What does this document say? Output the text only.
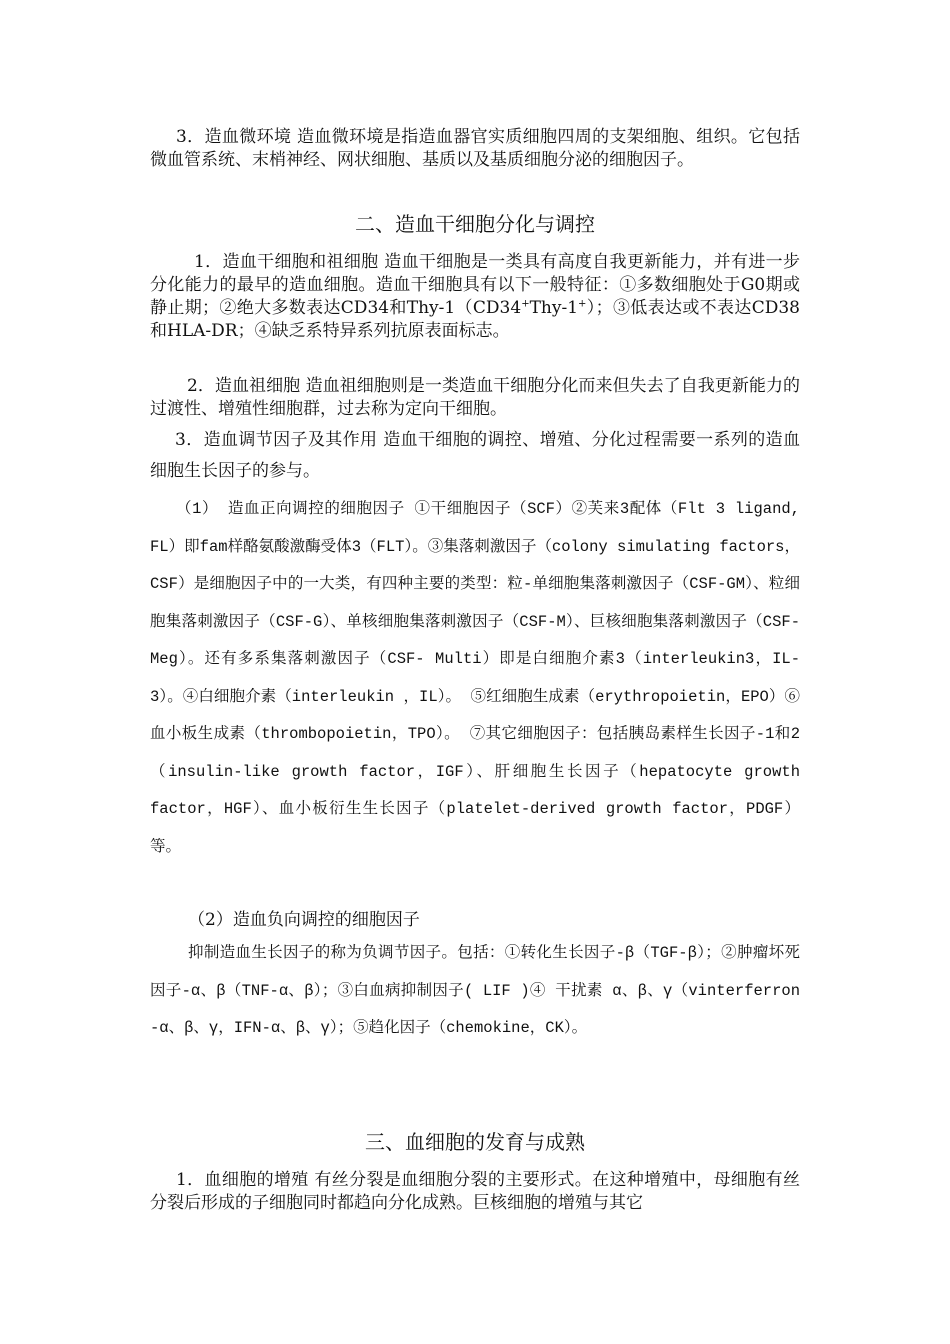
3．造血微环境 造血微环境是指造血器官实质细胞四周的支架细胞、组织。它包括微血管系统、末梢神经、网状细胞、基质以及基质细胞分泌的细胞因子。

二、造血干细胞分化与调控

1．造血干细胞和祖细胞 造血干细胞是一类具有高度自我更新能力，并有进一步分化能力的最早的造血细胞。造血干细胞具有以下一般特征：①多数细胞处于G0期或静止期；②绝大多数表达CD34和Thy-1（CD34+Thy-1+）；③低表达或不表达CD38和HLA-DR；④缺乏系特异系列抗原表面标志。

2．造血祖细胞 造血祖细胞则是一类造血干细胞分化而来但失去了自我更新能力的过渡性、增殖性细胞群，过去称为定向干细胞。

3．造血调节因子及其作用 造血干细胞的调控、增殖、分化过程需要一系列的造血细胞生长因子的参与。

（1） 造血正向调控的细胞因子 ①干细胞因子（SCF）②芙来3配体（Flt 3 ligand, FL）即fam样酪氨酸激酶受体3（FLT）。③集落刺激因子（colony simulating factors，CSF）是细胞因子中的一大类，有四种主要的类型：粒-单细胞集落刺激因子（CSF-GM）、粒细胞集落刺激因子（CSF-G）、单核细胞集落刺激因子（CSF-M）、巨核细胞集落刺激因子（CSF- Meg）。还有多系集落刺激因子（CSF- Multi）即是白细胞介素3（interleukin3，IL-3）。④白细胞介素（interleukin ，IL）。 ⑤红细胞生成素（erythropoietin，EPO）⑥血小板生成素（thrombopoietin，TPO）。 ⑦其它细胞因子：包括胰岛素样生长因子-1和2 （insulin-like growth factor，IGF）、肝细胞生长因子（hepatocyte growth factor，HGF）、血小板衍生生长因子（platelet-derived growth factor，PDGF）等。

（2）造血负向调控的细胞因子

抑制造血生长因子的称为负调节因子。包括：①转化生长因子-β（TGF-β）；②肿瘤坏死因子-α、β（TNF-α、β）；③白血病抑制因子( LIF )④ 干扰素 α、β、γ（vinterferron -α、β、γ，IFN-α、β、γ）；⑤趋化因子（chemokine，CK）。

三、血细胞的发育与成熟

1．血细胞的增殖 有丝分裂是血细胞分裂的主要形式。在这种增殖中，母细胞有丝分裂后形成的子细胞同时都趋向分化成熟。巨核细胞的增殖与其它
